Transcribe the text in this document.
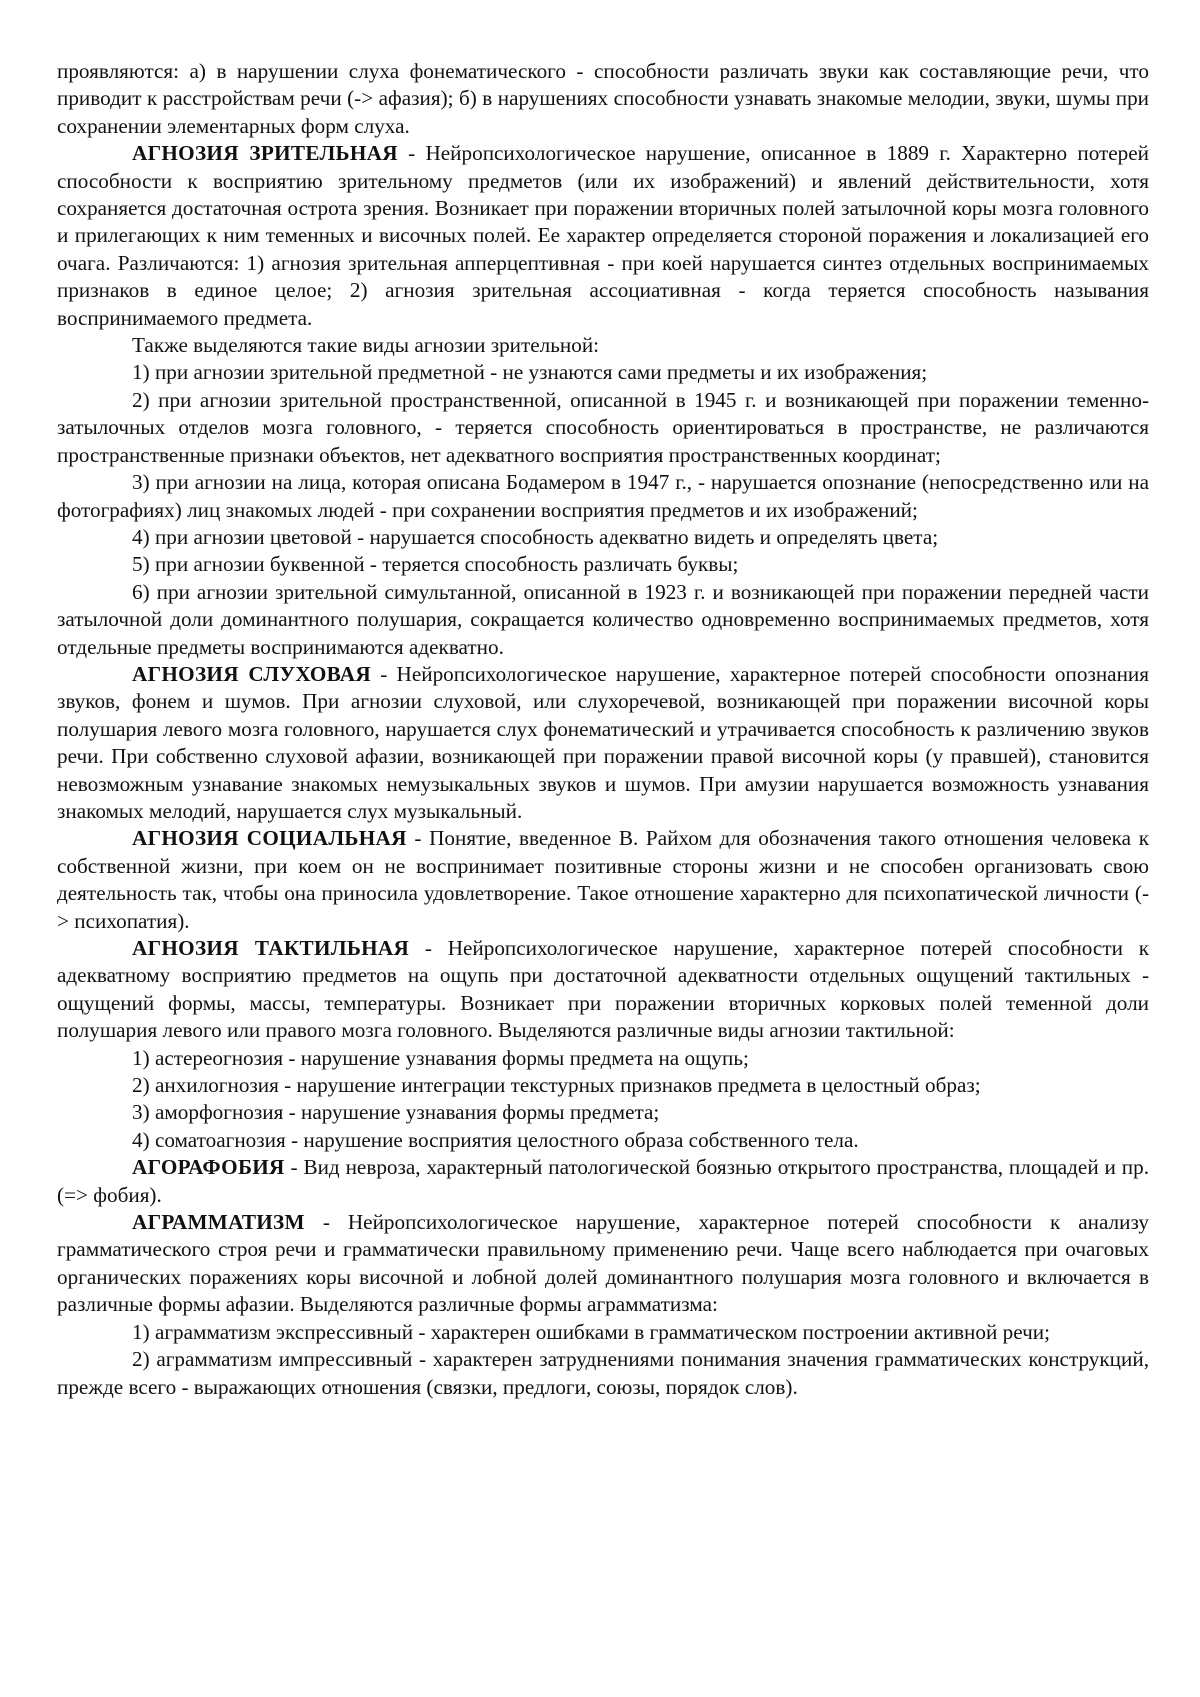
проявляются: а) в нарушении слуха фонематического - способности различать звуки как составляющие речи, что приводит к расстройствам речи (-> афазия); б) в нарушениях способности узнавать знакомые мелодии, звуки, шумы при сохранении элементарных форм слуха.

АГНОЗИЯ ЗРИТЕЛЬНАЯ - Нейропсихологическое нарушение, описанное в 1889 г. Характерно потерей способности к восприятию зрительному предметов (или их изображений) и явлений действительности, хотя сохраняется достаточная острота зрения. Возникает при поражении вторичных полей затылочной коры мозга головного и прилегающих к ним теменных и височных полей. Ее характер определяется стороной поражения и локализацией его очага. Различаются: 1) агнозия зрительная апперцептивная - при коей нарушается синтез отдельных воспринимаемых признаков в единое целое; 2) агнозия зрительная ассоциативная - когда теряется способность называния воспринимаемого предмета.

Также выделяются такие виды агнозии зрительной:

1) при агнозии зрительной предметной - не узнаются сами предметы и их изображения;

2) при агнозии зрительной пространственной, описанной в 1945 г. и возникающей при поражении теменно-затылочных отделов мозга головного, - теряется способность ориентироваться в пространстве, не различаются пространственные признаки объектов, нет адекватного восприятия пространственных координат;

3) при агнозии на лица, которая описана Бодамером в 1947 г., - нарушается опознание (непосредственно или на фотографиях) лиц знакомых людей - при сохранении восприятия предметов и их изображений;

4) при агнозии цветовой - нарушается способность адекватно видеть и определять цвета;

5) при агнозии буквенной - теряется способность различать буквы;

6) при агнозии зрительной симультанной, описанной в 1923 г. и возникающей при поражении передней части затылочной доли доминантного полушария, сокращается количество одновременно воспринимаемых предметов, хотя отдельные предметы воспринимаются адекватно.

АГНОЗИЯ СЛУХОВАЯ - Нейропсихологическое нарушение, характерное потерей способности опознания звуков, фонем и шумов. При агнозии слуховой, или слухоречевой, возникающей при поражении височной коры полушария левого мозга головного, нарушается слух фонематический и утрачивается способность к различению звуков речи. При собственно слуховой афазии, возникающей при поражении правой височной коры (у правшей), становится невозможным узнавание знакомых немузыкальных звуков и шумов. При амузии нарушается возможность узнавания знакомых мелодий, нарушается слух музыкальный.

АГНОЗИЯ СОЦИАЛЬНАЯ - Понятие, введенное В. Райхом для обозначения такого отношения человека к собственной жизни, при коем он не воспринимает позитивные стороны жизни и не способен организовать свою деятельность так, чтобы она приносила удовлетворение. Такое отношение характерно для психопатической личности (-> психопатия).

АГНОЗИЯ ТАКТИЛЬНАЯ - Нейропсихологическое нарушение, характерное потерей способности к адекватному восприятию предметов на ощупь при достаточной адекватности отдельных ощущений тактильных - ощущений формы, массы, температуры. Возникает при поражении вторичных корковых полей теменной доли полушария левого или правого мозга головного. Выделяются различные виды агнозии тактильной:

1) астереогнозия - нарушение узнавания формы предмета на ощупь;

2) анхилогнозия - нарушение интеграции текстурных признаков предмета в целостный образ;

3) аморфогнозия - нарушение узнавания формы предмета;

4) соматоагнозия - нарушение восприятия целостного образа собственного тела.

АГОРАФОБИЯ - Вид невроза, характерный патологической боязнью открытого пространства, площадей и пр. (=> фобия).

АГРАММАТИЗМ - Нейропсихологическое нарушение, характерное потерей способности к анализу грамматического строя речи и грамматически правильному применению речи. Чаще всего наблюдается при очаговых органических поражениях коры височной и лобной долей доминантного полушария мозга головного и включается в различные формы афазии. Выделяются различные формы аграмматизма:

1) аграмматизм экспрессивный - характерен ошибками в грамматическом построении активной речи;

2) аграмматизм импрессивный - характерен затруднениями понимания значения грамматических конструкций, прежде всего - выражающих отношения (связки, предлоги, союзы, порядок слов).
